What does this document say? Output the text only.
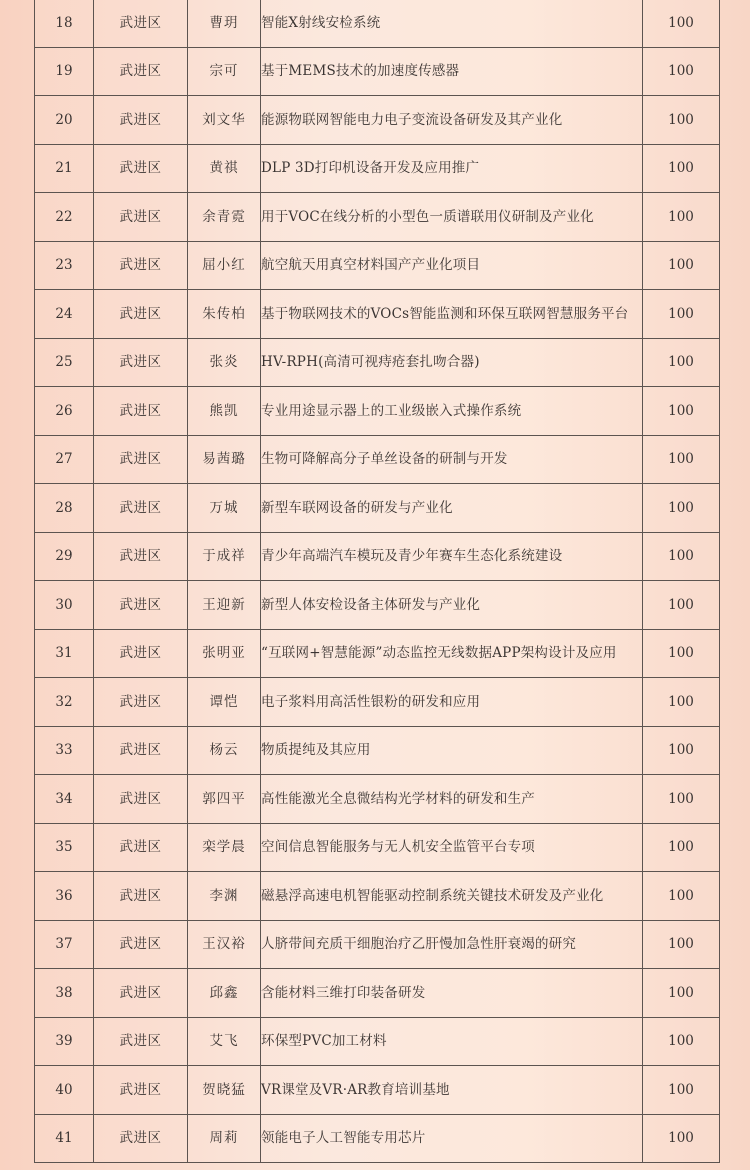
18	武进区	曹玥	智能X射线安检系统	100
19	武进区	宗可	基于MEMS技术的加速度传感器	100
20	武进区	刘文华	能源物联网智能电力电子变流设备研发及其产业化	100
21	武进区	黄祺	DLP 3D打印机设备开发及应用推广	100
22	武进区	余青霓	用于VOC在线分析的小型色一质谱联用仪研制及产业化	100
23	武进区	屈小红	航空航天用真空材料国产产业化项目	100
24	武进区	朱传柏	基于物联网技术的VOCs智能监测和环保互联网智慧服务平台	100
25	武进区	张炎	HV-RPH(高清可视痔疮套扎吻合器)	100
26	武进区	熊凯	专业用途显示器上的工业级嵌入式操作系统	100
27	武进区	易茜璐	生物可降解高分子单丝设备的研制与开发	100
28	武进区	万城	新型车联网设备的研发与产业化	100
29	武进区	于成祥	青少年高端汽车模玩及青少年赛车生态化系统建设	100
30	武进区	王迎新	新型人体安检设备主体研发与产业化	100
31	武进区	张明亚	“互联网+智慧能源”动态监控无线数据APP架构设计及应用	100
32	武进区	谭恺	电子浆料用高活性银粉的研发和应用	100
33	武进区	杨云	物质提纯及其应用	100
34	武进区	郭四平	高性能激光全息微结构光学材料的研发和生产	100
35	武进区	栾学晨	空间信息智能服务与无人机安全监管平台专项	100
36	武进区	李渊	磁悬浮高速电机智能驱动控制系统关键技术研发及产业化	100
37	武进区	王汉裕	人脐带间充质干细胞治疗乙肝慢加急性肝衰竭的研究	100
38	武进区	邱鑫	含能材料三维打印装备研发	100
39	武进区	艾飞	环保型PVC加工材料	100
40	武进区	贺晓猛	VR课堂及VR·AR教育培训基地	100
41	武进区	周莉	领能电子人工智能专用芯片	100
